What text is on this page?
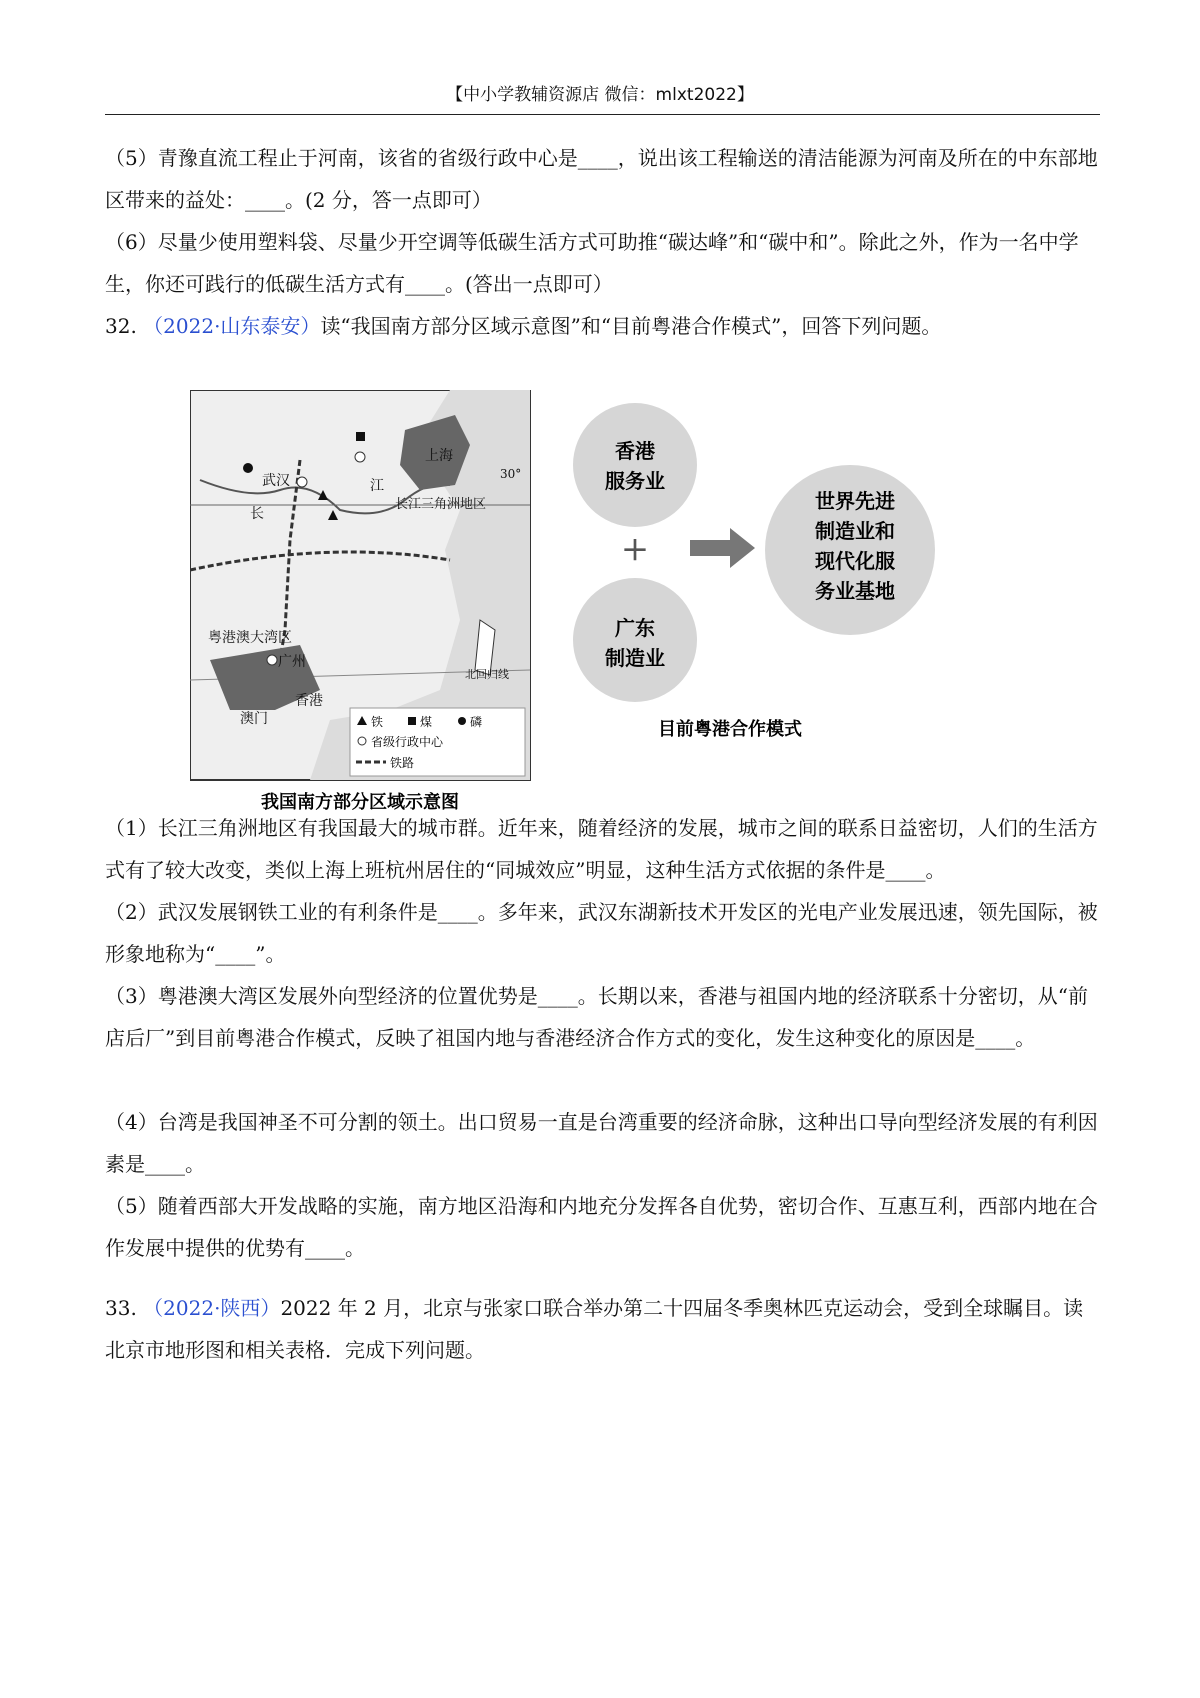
【中小学教辅资源店 微信：mlxt2022】

（5）青豫直流工程止于河南，该省的省级行政中心是____，说出该工程输送的清洁能源为河南及所在的中东部地区带来的益处：____。(2 分，答一点即可）

（6）尽量少使用塑料袋、尽量少开空调等低碳生活方式可助推“碳达峰”和“碳中和”。除此之外，作为一名中学生，你还可践行的低碳生活方式有____。(答出一点即可）

32. （2022·山东泰安）读“我国南方部分区域示意图”和“目前粤港合作模式”，回答下列问题。

武汉	江
长
上海
30°
长江三角洲地区
粤港澳大湾区
广州
香港
澳门
北回归线
铁	煤	磷
省级行政中心
铁路
我国南方部分区域示意图
香港
服务业
+
广东
制造业
世界先进
制造业和
现代化服
务业基地
目前粤港合作模式

（1）长江三角洲地区有我国最大的城市群。近年来，随着经济的发展，城市之间的联系日益密切，人们的生活方式有了较大改变，类似上海上班杭州居住的“同城效应”明显，这种生活方式依据的条件是____。

（2）武汉发展钢铁工业的有利条件是____。多年来，武汉东湖新技术开发区的光电产业发展迅速，领先国际，被形象地称为“____”。

（3）粤港澳大湾区发展外向型经济的位置优势是____。长期以来，香港与祖国内地的经济联系十分密切，从“前店后厂”到目前粤港合作模式，反映了祖国内地与香港经济合作方式的变化，发生这种变化的原因是____。

（4）台湾是我国神圣不可分割的领土。出口贸易一直是台湾重要的经济命脉，这种出口导向型经济发展的有利因素是____。

（5）随着西部大开发战略的实施，南方地区沿海和内地充分发挥各自优势，密切合作、互惠互利，西部内地在合作发展中提供的优势有____。

33. （2022·陕西）2022 年 2 月，北京与张家口联合举办第二十四届冬季奥林匹克运动会，受到全球瞩目。读北京市地形图和相关表格．完成下列问题。
